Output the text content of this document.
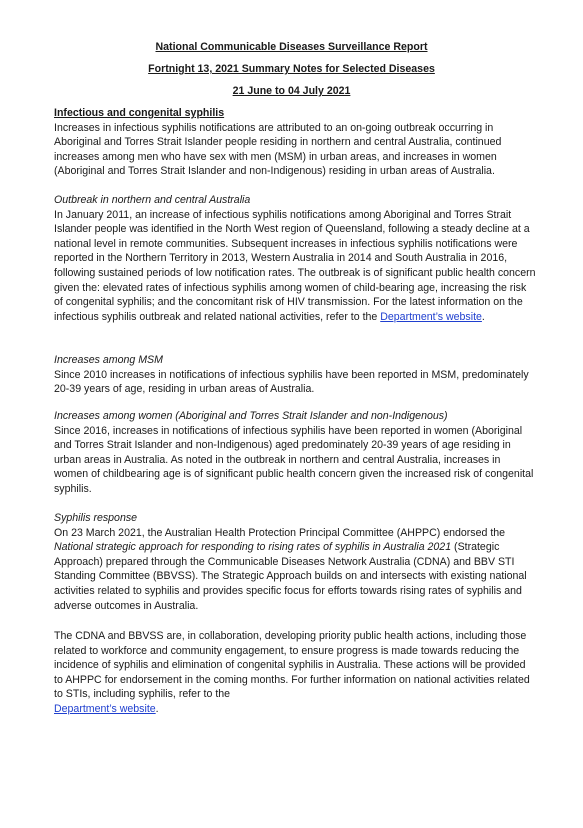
National Communicable Diseases Surveillance Report
Fortnight 13, 2021 Summary Notes for Selected Diseases
21 June to 04 July 2021
Infectious and congenital syphilis
Increases in infectious syphilis notifications are attributed to an on-going outbreak occurring in Aboriginal and Torres Strait Islander people residing in northern and central Australia, continued increases among men who have sex with men (MSM) in urban areas, and increases in women (Aboriginal and Torres Strait Islander and non-Indigenous) residing in urban areas of Australia.
Outbreak in northern and central Australia
In January 2011, an increase of infectious syphilis notifications among Aboriginal and Torres Strait Islander people was identified in the North West region of Queensland, following a steady decline at a national level in remote communities. Subsequent increases in infectious syphilis notifications were reported in the Northern Territory in 2013, Western Australia in 2014 and South Australia in 2016, following sustained periods of low notification rates. The outbreak is of significant public health concern given the: elevated rates of infectious syphilis among women of child-bearing age, increasing the risk of congenital syphilis; and the concomitant risk of HIV transmission. For the latest information on the infectious syphilis outbreak and related national activities, refer to the Department’s website.
Increases among MSM
Since 2010 increases in notifications of infectious syphilis have been reported in MSM, predominately 20-39 years of age, residing in urban areas of Australia.
Increases among women (Aboriginal and Torres Strait Islander and non-Indigenous)
Since 2016, increases in notifications of infectious syphilis have been reported in women (Aboriginal and Torres Strait Islander and non-Indigenous) aged predominately 20-39 years of age residing in urban areas in Australia. As noted in the outbreak in northern and central Australia, increases in women of childbearing age is of significant public health concern given the increased risk of congenital syphilis.
Syphilis response
On 23 March 2021, the Australian Health Protection Principal Committee (AHPPC) endorsed the National strategic approach for responding to rising rates of syphilis in Australia 2021 (Strategic Approach) prepared through the Communicable Diseases Network Australia (CDNA) and BBV STI Standing Committee (BBVSS). The Strategic Approach builds on and intersects with existing national activities related to syphilis and provides specific focus for efforts towards rising rates of syphilis and adverse outcomes in Australia.
The CDNA and BBVSS are, in collaboration, developing priority public health actions, including those related to workforce and community engagement, to ensure progress is made towards reducing the incidence of syphilis and elimination of congenital syphilis in Australia. These actions will be provided to AHPPC for endorsement in the coming months. For further information on national activities related to STIs, including syphilis, refer to the
Department’s website.
